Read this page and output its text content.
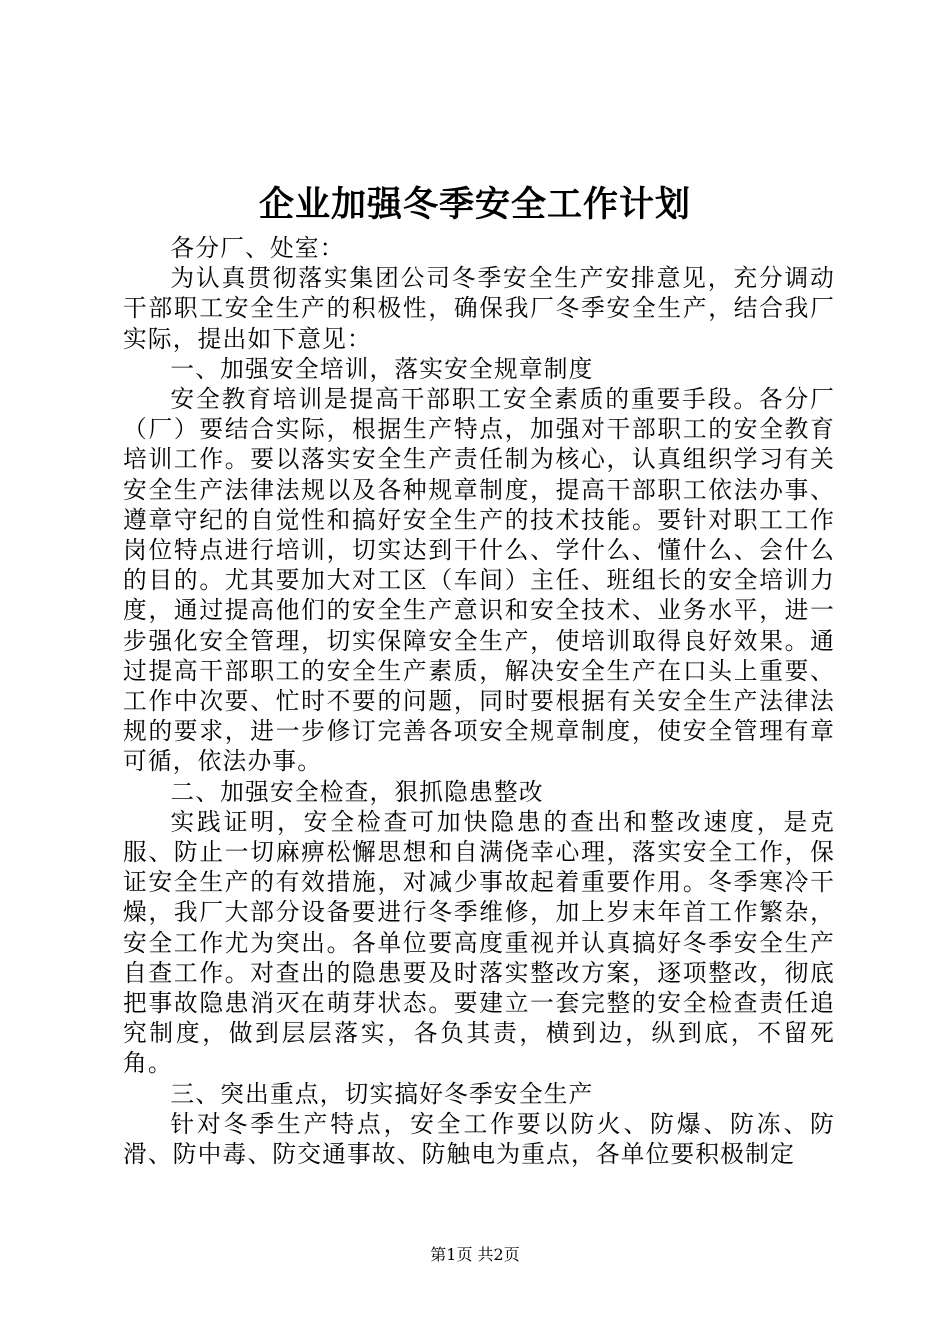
企业加强冬季安全工作计划

各分厂、处室：

为认真贯彻落实集团公司冬季安全生产安排意见，充分调动干部职工安全生产的积极性，确保我厂冬季安全生产，结合我厂实际，提出如下意见：

一、加强安全培训，落实安全规章制度

安全教育培训是提高干部职工安全素质的重要手段。各分厂（厂）要结合实际，根据生产特点，加强对干部职工的安全教育培训工作。要以落实安全生产责任制为核心，认真组织学习有关安全生产法律法规以及各种规章制度，提高干部职工依法办事、遵章守纪的自觉性和搞好安全生产的技术技能。要针对职工工作岗位特点进行培训，切实达到干什么、学什么、懂什么、会什么的目的。尤其要加大对工区（车间）主任、班组长的安全培训力度，通过提高他们的安全生产意识和安全技术、业务水平，进一步强化安全管理，切实保障安全生产，使培训取得良好效果。通过提高干部职工的安全生产素质，解决安全生产在口头上重要、工作中次要、忙时不要的问题，同时要根据有关安全生产法律法规的要求，进一步修订完善各项安全规章制度，使安全管理有章可循，依法办事。

二、加强安全检查，狠抓隐患整改

实践证明，安全检查可加快隐患的查出和整改速度，是克服、防止一切麻痹松懈思想和自满侥幸心理，落实安全工作，保证安全生产的有效措施，对减少事故起着重要作用。冬季寒冷干燥，我厂大部分设备要进行冬季维修，加上岁末年首工作繁杂，安全工作尤为突出。各单位要高度重视并认真搞好冬季安全生产自查工作。对查出的隐患要及时落实整改方案，逐项整改，彻底把事故隐患消灭在萌芽状态。要建立一套完整的安全检查责任追究制度，做到层层落实，各负其责，横到边，纵到底，不留死角。

三、突出重点，切实搞好冬季安全生产

针对冬季生产特点，安全工作要以防火、防爆、防冻、防滑、防中毒、防交通事故、防触电为重点，各单位要积极制定

第1页 共2页
